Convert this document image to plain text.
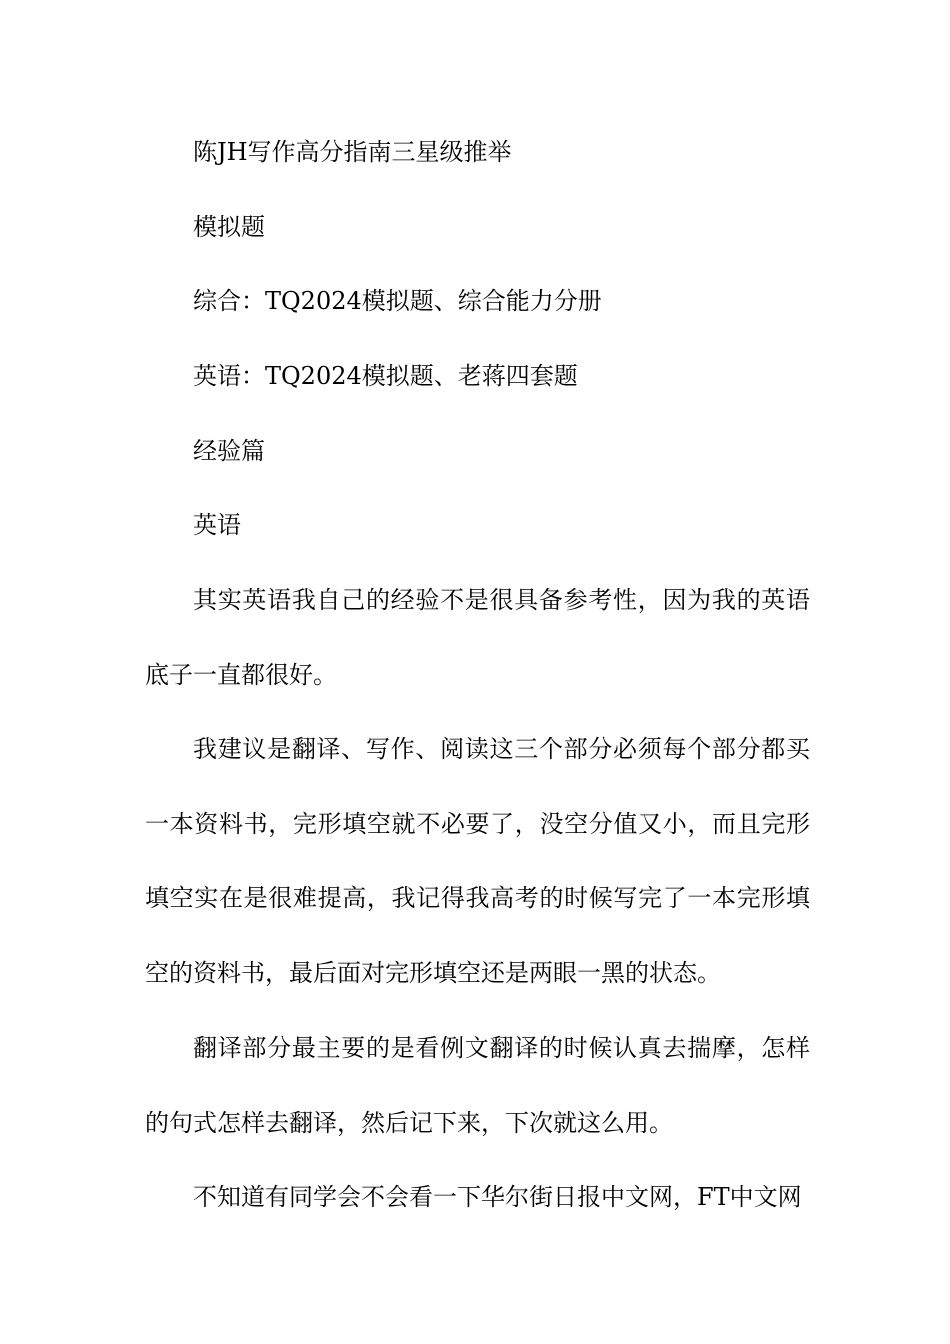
陈JH写作高分指南三星级推举

模拟题

综合：TQ2024模拟题、综合能力分册

英语：TQ2024模拟题、老蒋四套题

经验篇

英语

其实英语我自己的经验不是很具备参考性，因为我的英语底子一直都很好。

我建议是翻译、写作、阅读这三个部分必须每个部分都买一本资料书，完形填空就不必要了，没空分值又小，而且完形填空实在是很难提高，我记得我高考的时候写完了一本完形填空的资料书，最后面对完形填空还是两眼一黑的状态。

翻译部分最主要的是看例文翻译的时候认真去揣摩，怎样的句式怎样去翻译，然后记下来，下次就这么用。

不知道有同学会不会看一下华尔街日报中文网，FT中文网
